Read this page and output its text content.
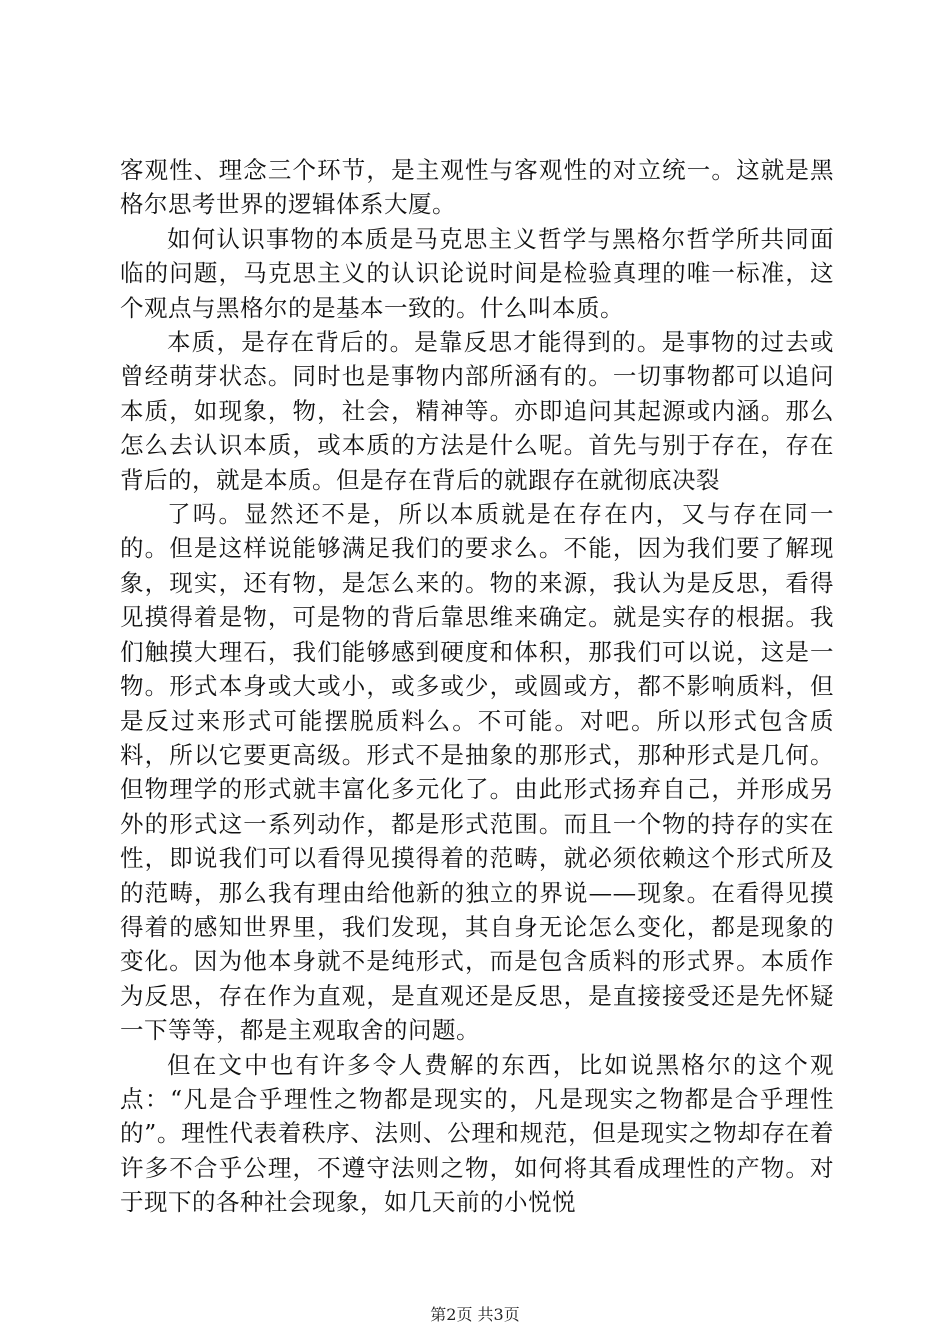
客观性、理念三个环节，是主观性与客观性的对立统一。这就是黑格尔思考世界的逻辑体系大厦。

如何认识事物的本质是马克思主义哲学与黑格尔哲学所共同面临的问题，马克思主义的认识论说时间是检验真理的唯一标准，这个观点与黑格尔的是基本一致的。什么叫本质。

本质，是存在背后的。是靠反思才能得到的。是事物的过去或曾经萌芽状态。同时也是事物内部所涵有的。一切事物都可以追问本质，如现象，物，社会，精神等。亦即追问其起源或内涵。那么怎么去认识本质，或本质的方法是什么呢。首先与别于存在，存在背后的，就是本质。但是存在背后的就跟存在就彻底决裂

了吗。显然还不是，所以本质就是在存在内，又与存在同一的。但是这样说能够满足我们的要求么。不能，因为我们要了解现象，现实，还有物，是怎么来的。物的来源，我认为是反思，看得见摸得着是物，可是物的背后靠思维来确定。就是实存的根据。我们触摸大理石，我们能够感到硬度和体积，那我们可以说，这是一物。形式本身或大或小，或多或少，或圆或方，都不影响质料，但是反过来形式可能摆脱质料么。不可能。对吧。所以形式包含质料，所以它要更高级。形式不是抽象的那形式，那种形式是几何。但物理学的形式就丰富化多元化了。由此形式扬弃自己，并形成另外的形式这一系列动作，都是形式范围。而且一个物的持存的实在性，即说我们可以看得见摸得着的范畴，就必须依赖这个形式所及的范畴，那么我有理由给他新的独立的界说——现象。在看得见摸得着的感知世界里，我们发现，其自身无论怎么变化，都是现象的变化。因为他本身就不是纯形式，而是包含质料的形式界。本质作为反思，存在作为直观，是直观还是反思，是直接接受还是先怀疑一下等等，都是主观取舍的问题。

但在文中也有许多令人费解的东西，比如说黑格尔的这个观点：“凡是合乎理性之物都是现实的，凡是现实之物都是合乎理性的”。理性代表着秩序、法则、公理和规范，但是现实之物却存在着许多不合乎公理，不遵守法则之物，如何将其看成理性的产物。对于现下的各种社会现象，如几天前的小悦悦

第2页 共3页
